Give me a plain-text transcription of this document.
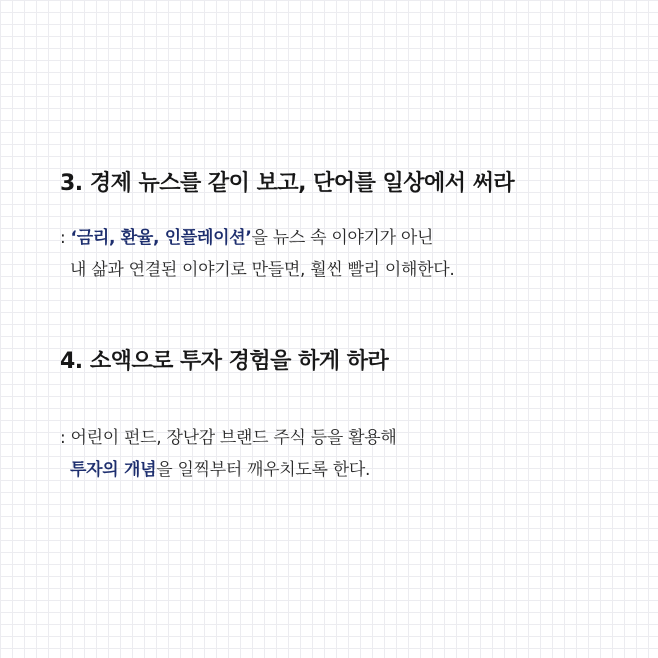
3. 경제 뉴스를 같이 보고, 단어를 일상에서 써라
: ‘금리, 환율, 인플레이션’을 뉴스 속 이야기가 아닌
내 삶과 연결된 이야기로 만들면, 훨씬 빨리 이해한다.
4. 소액으로 투자 경험을 하게 하라
: 어린이 펀드, 장난감 브랜드 주식 등을 활용해
투자의 개념을 일찍부터 깨우치도록 한다.
